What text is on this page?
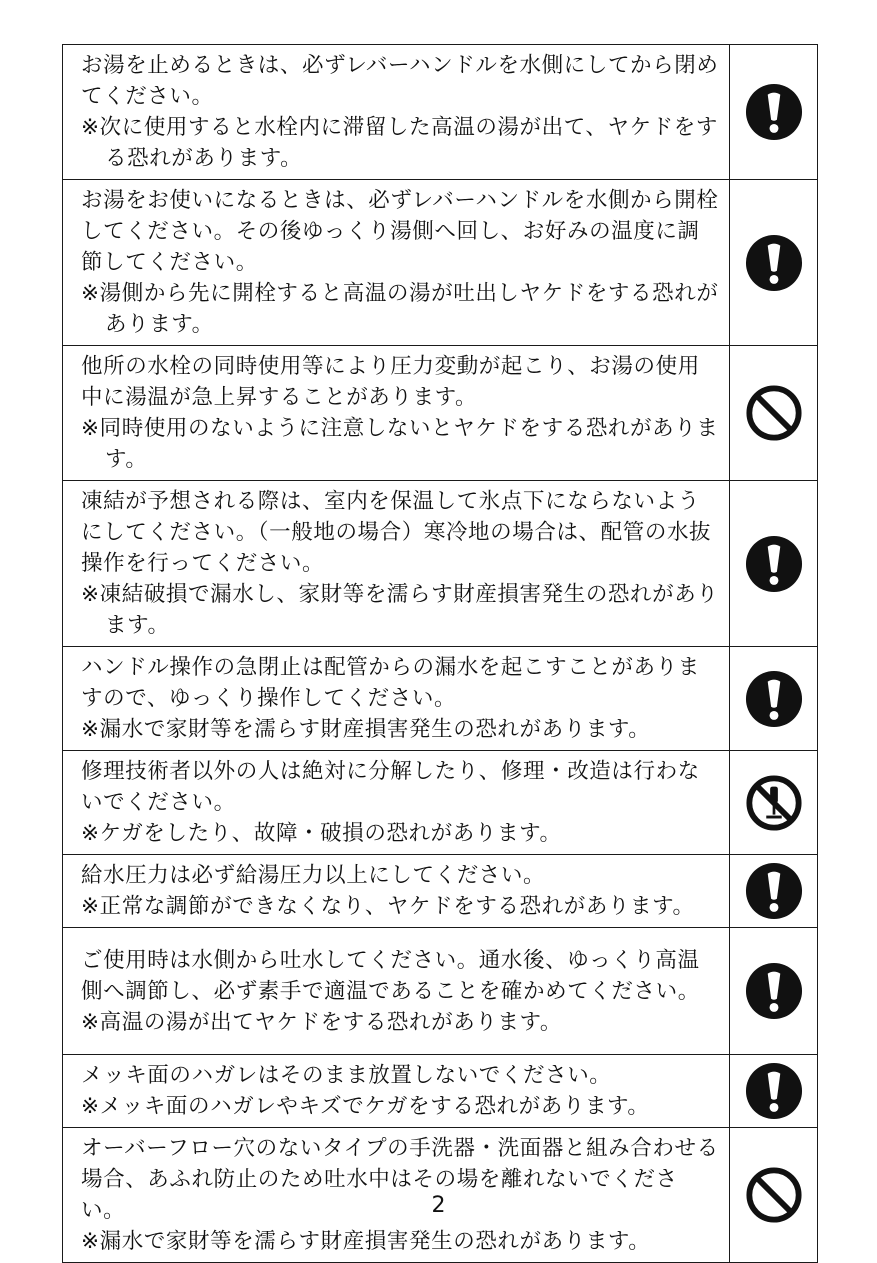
お湯を止めるときは、必ずレバーハンドルを水側にしてから閉めてください。
※次に使用すると水栓内に滞留した高温の湯が出て、ヤケドをする恐れがあります。

お湯をお使いになるときは、必ずレバーハンドルを水側から開栓してください。その後ゆっくり湯側へ回し、お好みの温度に調節してください。
※湯側から先に開栓すると高温の湯が吐出しヤケドをする恐れがあります。

他所の水栓の同時使用等により圧力変動が起こり、お湯の使用中に湯温が急上昇することがあります。
※同時使用のないように注意しないとヤケドをする恐れがあります。

凍結が予想される際は、室内を保温して氷点下にならないようにしてください。（一般地の場合）寒冷地の場合は、配管の水抜操作を行ってください。
※凍結破損で漏水し、家財等を濡らす財産損害発生の恐れがあります。

ハンドル操作の急閉止は配管からの漏水を起こすことがありますので、ゆっくり操作してください。
※漏水で家財等を濡らす財産損害発生の恐れがあります。

修理技術者以外の人は絶対に分解したり、修理・改造は行わないでください。
※ケガをしたり、故障・破損の恐れがあります。

給水圧力は必ず給湯圧力以上にしてください。
※正常な調節ができなくなり、ヤケドをする恐れがあります。

ご使用時は水側から吐水してください。通水後、ゆっくり高温側へ調節し、必ず素手で適温であることを確かめてください。
※高温の湯が出てヤケドをする恐れがあります。

メッキ面のハガレはそのまま放置しないでください。
※メッキ面のハガレやキズでケガをする恐れがあります。

オーバーフロー穴のないタイプの手洗器・洗面器と組み合わせる場合、あふれ防止のため吐水中はその場を離れないでください。
※漏水で家財等を濡らす財産損害発生の恐れがあります。

2
